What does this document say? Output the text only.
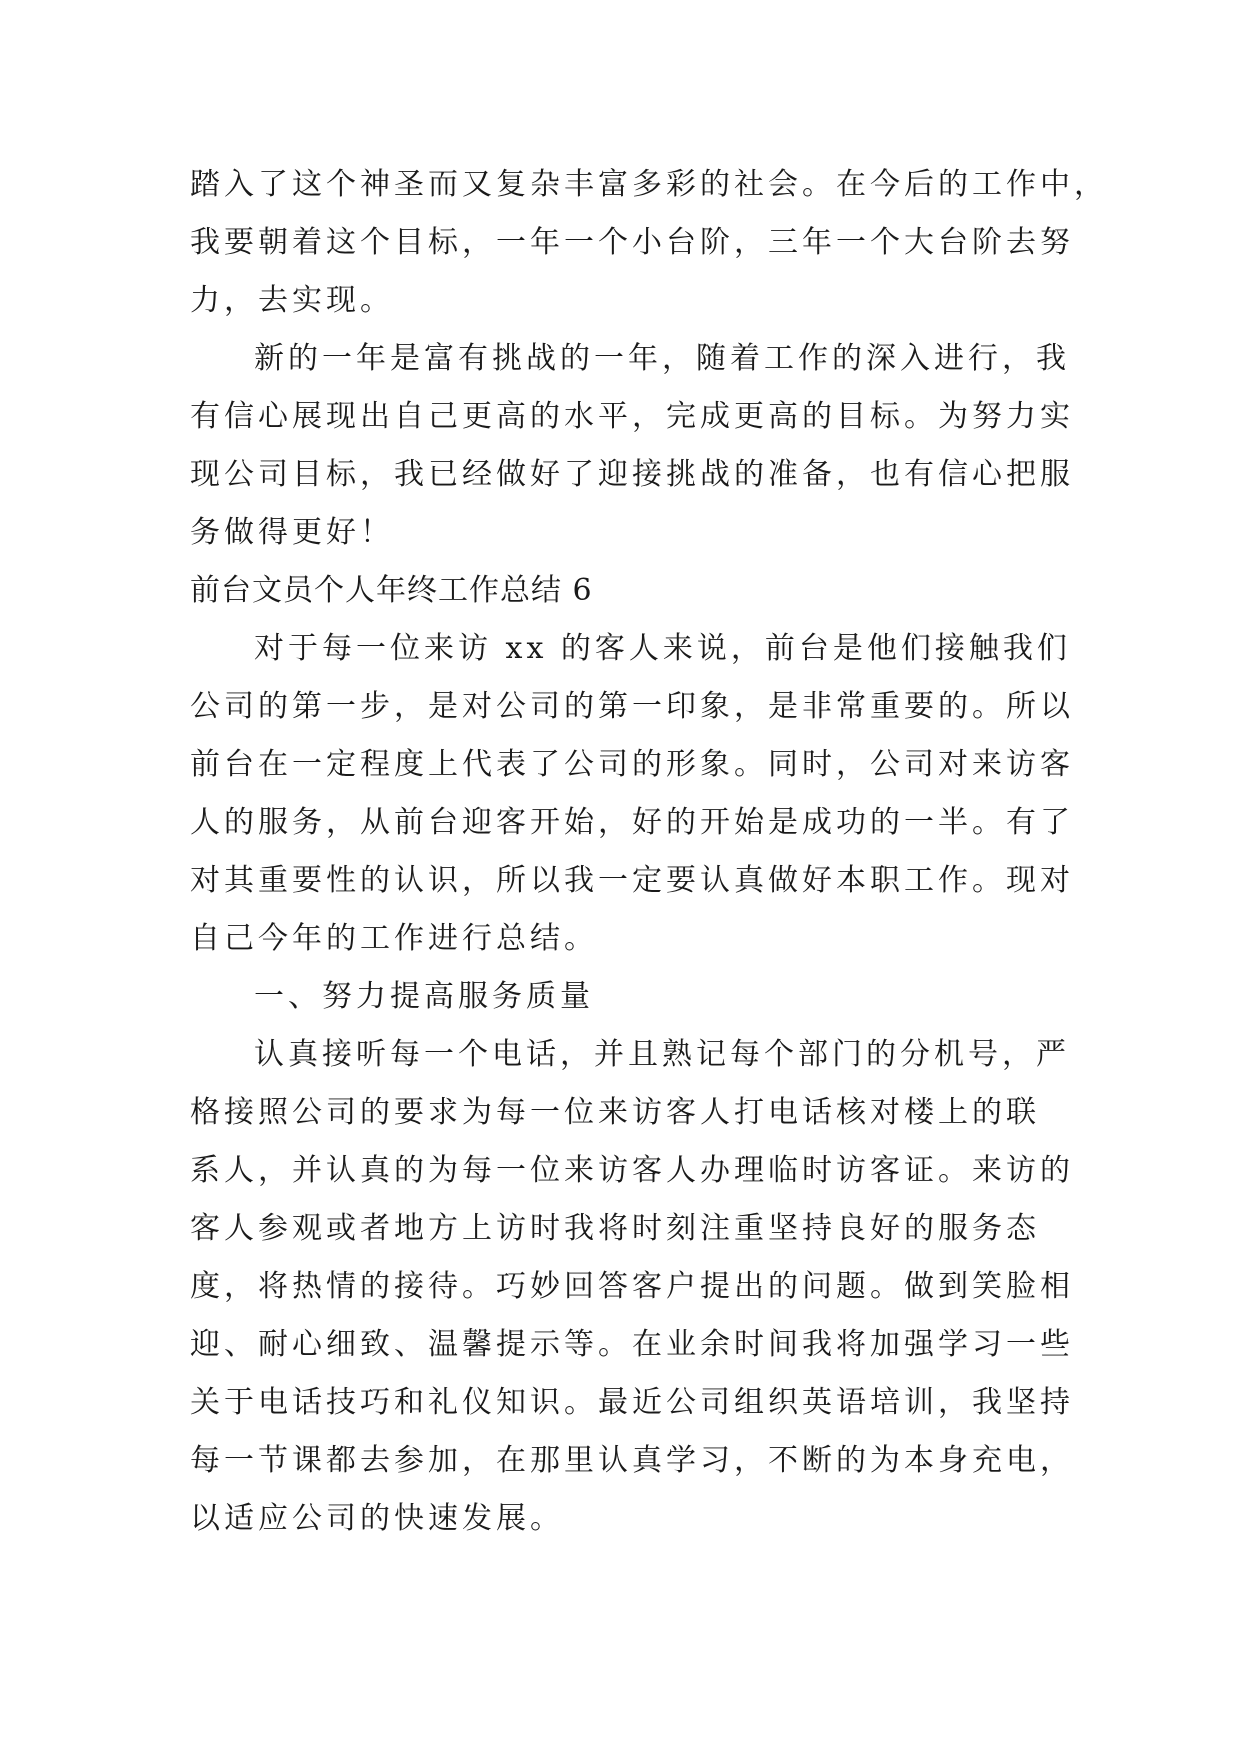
踏入了这个神圣而又复杂丰富多彩的社会。在今后的工作中，
我要朝着这个目标，一年一个小台阶，三年一个大台阶去努
力，去实现。
新的一年是富有挑战的一年，随着工作的深入进行，我
有信心展现出自己更高的水平，完成更高的目标。为努力实
现公司目标，我已经做好了迎接挑战的准备，也有信心把服
务做得更好！
前台文员个人年终工作总结 6
对于每一位来访 xx 的客人来说，前台是他们接触我们
公司的第一步，是对公司的第一印象，是非常重要的。所以
前台在一定程度上代表了公司的形象。同时，公司对来访客
人的服务，从前台迎客开始，好的开始是成功的一半。有了
对其重要性的认识，所以我一定要认真做好本职工作。现对
自己今年的工作进行总结。
一、努力提高服务质量
认真接听每一个电话，并且熟记每个部门的分机号，严
格接照公司的要求为每一位来访客人打电话核对楼上的联
系人，并认真的为每一位来访客人办理临时访客证。来访的
客人参观或者地方上访时我将时刻注重坚持良好的服务态
度，将热情的接待。巧妙回答客户提出的问题。做到笑脸相
迎、耐心细致、温馨提示等。在业余时间我将加强学习一些
关于电话技巧和礼仪知识。最近公司组织英语培训，我坚持
每一节课都去参加，在那里认真学习，不断的为本身充电，
以适应公司的快速发展。
